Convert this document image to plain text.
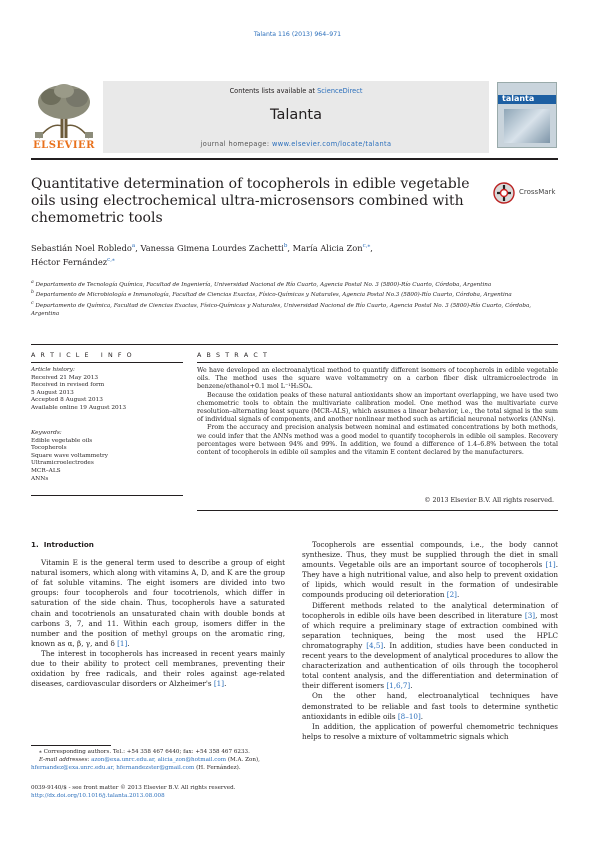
Talanta 116 (2013) 964–971
ELSEVIER
Contents lists available at ScienceDirect
Talanta
journal homepage: www.elsevier.com/locate/talanta
talanta
Quantitative determination of tocopherols in edible vegetable oils using electrochemical ultra-microsensors combined with chemometric tools
CrossMark
Sebastián Noel Robledo$^a$, Vanessa Gimena Lourdes Zachetti$^b$, María Alicia Zon$^{c,⁎}$,
Héctor Fernández$^{c,⁎}$
$^a$ Departamento de Tecnología Química, Facultad de Ingeniería, Universidad Nacional de Río Cuarto, Agencia Postal No. 3 (5800)-Río Cuarto, Córdoba, Argentina
$^b$ Departamento de Microbiología e Inmunología, Facultad de Ciencias Exactas, Físico-Químicas y Naturales, Agencia Postal No.3 (5800)-Río Cuarto, Córdoba, Argentina
$^c$ Departamento de Química, Facultad de Ciencias Exactas, Físico-Químicas y Naturales, Universidad Nacional de Río Cuarto, Agencia Postal No. 3 (5800)-Río Cuarto, Córdoba, Argentina
A R T I C L E   I N F O
Article history:
Received 21 May 2013
Received in revised form
5 August 2013
Accepted 8 August 2013
Available online 19 August 2013
Keywords:
Edible vegetable oils
Tocopherols
Square wave voltammetry
Ultramicroelectrodes
MCR–ALS
ANNs
A B S T R A C T

We have developed an electroanalytical method to quantify different isomers of tocopherols in edible vegetable oils. The method uses the square wave voltammetry on a carbon fiber disk ultramicroelectrode in benzene/ethanol+0.1 mol L⁻¹H₂SO₄.

Because the oxidation peaks of these natural antioxidants show an important overlapping, we have used two chemometric tools to obtain the multivariate calibration model. One method was the multivariate curve resolution–alternating least square (MCR–ALS), which assumes a linear behavior, i.e., the total signal is the sum of individual signals of components, and another nonlinear method such as artificial neuronal networks (ANNs).

From the accuracy and precision analysis between nominal and estimated concentrations by both methods, we could infer that the ANNs method was a good model to quantify tocopherols in edible oil samples. Recovery percentages were between 94% and 99%. In addition, we found a difference of 1.4–6.8% between the total content of tocopherols in edible oil samples and the vitamin E content declared by the manufacturers.

© 2013 Elsevier B.V. All rights reserved.
1.  Introduction

Vitamin E is the general term used to describe a group of eight natural isomers, which along with vitamins A, D, and K are the group of fat soluble vitamins. The eight isomers are divided into two groups: four tocopherols and four tocotrienols, which differ in saturation of the side chain. Thus, tocopherols have a saturated chain and tocotrienols an unsaturated chain with double bonds at carbons 3, 7, and 11. Within each group, isomers differ in the number and the position of methyl groups on the aromatic ring, known as α, β, γ, and δ [1].

The interest in tocopherols has increased in recent years mainly due to their ability to protect cell membranes, preventing their oxidation by free radicals, and their roles against age-related diseases, cardiovascular disorders or Alzheimer's [1].

Tocopherols are essential compounds, i.e., the body cannot synthesize. Thus, they must be supplied through the diet in small amounts. Vegetable oils are an important source of tocopherols [1]. They have a high nutritional value, and also help to prevent oxidation of lipids, which would result in the formation of undesirable compounds producing oil deterioration [2].

Different methods related to the analytical determination of tocopherols in edible oils have been described in literature [3], most of which require a preliminary stage of extraction combined with separation techniques, being the most used the HPLC chromatography [4,5]. In addition, studies have been conducted in recent years to the development of analytical procedures to allow the characterization and authentication of oils through the tocopherol total content analysis, and the differentiation and determination of their different isomers [1,6,7].

On the other hand, electroanalytical techniques have demonstrated to be reliable and fast tools to determine synthetic antioxidants in edible oils [8–10].

In addition, the application of powerful chemometric techniques helps to resolve a mixture of voltammetric signals which

⁎ Corresponding authors. Tel.: +54 358 467 6440; fax: +54 358 467 6233.
E-mail addresses: azon@exa.unrc.edu.ar, alicia_zon@hotmail.com (M.A. Zon),
hfernandez@exa.unrc.edu.ar, hfernandezster@gmail.com (H. Fernández).
0039-9140/$ - see front matter © 2013 Elsevier B.V. All rights reserved.
http://dx.doi.org/10.1016/j.talanta.2013.08.008
